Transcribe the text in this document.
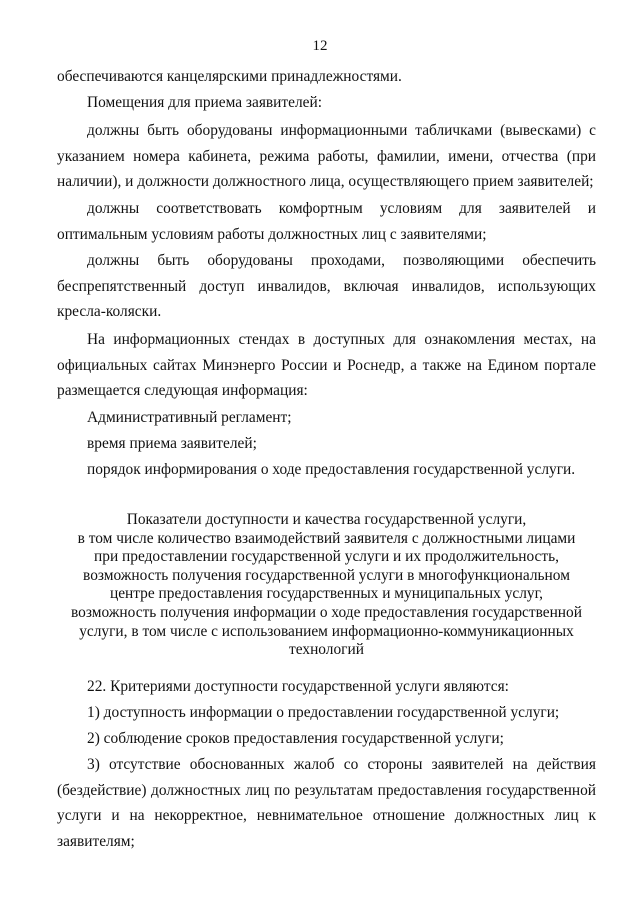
12

обеспечиваются канцелярскими принадлежностями.

Помещения для приема заявителей:

должны быть оборудованы информационными табличками (вывесками) с указанием номера кабинета, режима работы, фамилии, имени, отчества (при наличии), и должности должностного лица, осуществляющего прием заявителей;

должны соответствовать комфортным условиям для заявителей и оптимальным условиям работы должностных лиц с заявителями;

должны быть оборудованы проходами, позволяющими обеспечить беспрепятственный доступ инвалидов, включая инвалидов, использующих кресла-коляски.

На информационных стендах в доступных для ознакомления местах, на официальных сайтах Минэнерго России и Роснедр, а также на Едином портале размещается следующая информация:

Административный регламент;

время приема заявителей;

порядок информирования о ходе предоставления государственной услуги.

Показатели доступности и качества государственной услуги,
в том числе количество взаимодействий заявителя с должностными лицами
при предоставлении государственной услуги и их продолжительность,
возможность получения государственной услуги в многофункциональном
центре предоставления государственных и муниципальных услуг,
возможность получения информации о ходе предоставления государственной
услуги, в том числе с использованием информационно-коммуникационных
технологий

22. Критериями доступности государственной услуги являются:

1) доступность информации о предоставлении государственной услуги;

2) соблюдение сроков предоставления государственной услуги;

3) отсутствие обоснованных жалоб со стороны заявителей на действия (бездействие) должностных лиц по результатам предоставления государственной услуги и на некорректное, невнимательное отношение должностных лиц к заявителям;
